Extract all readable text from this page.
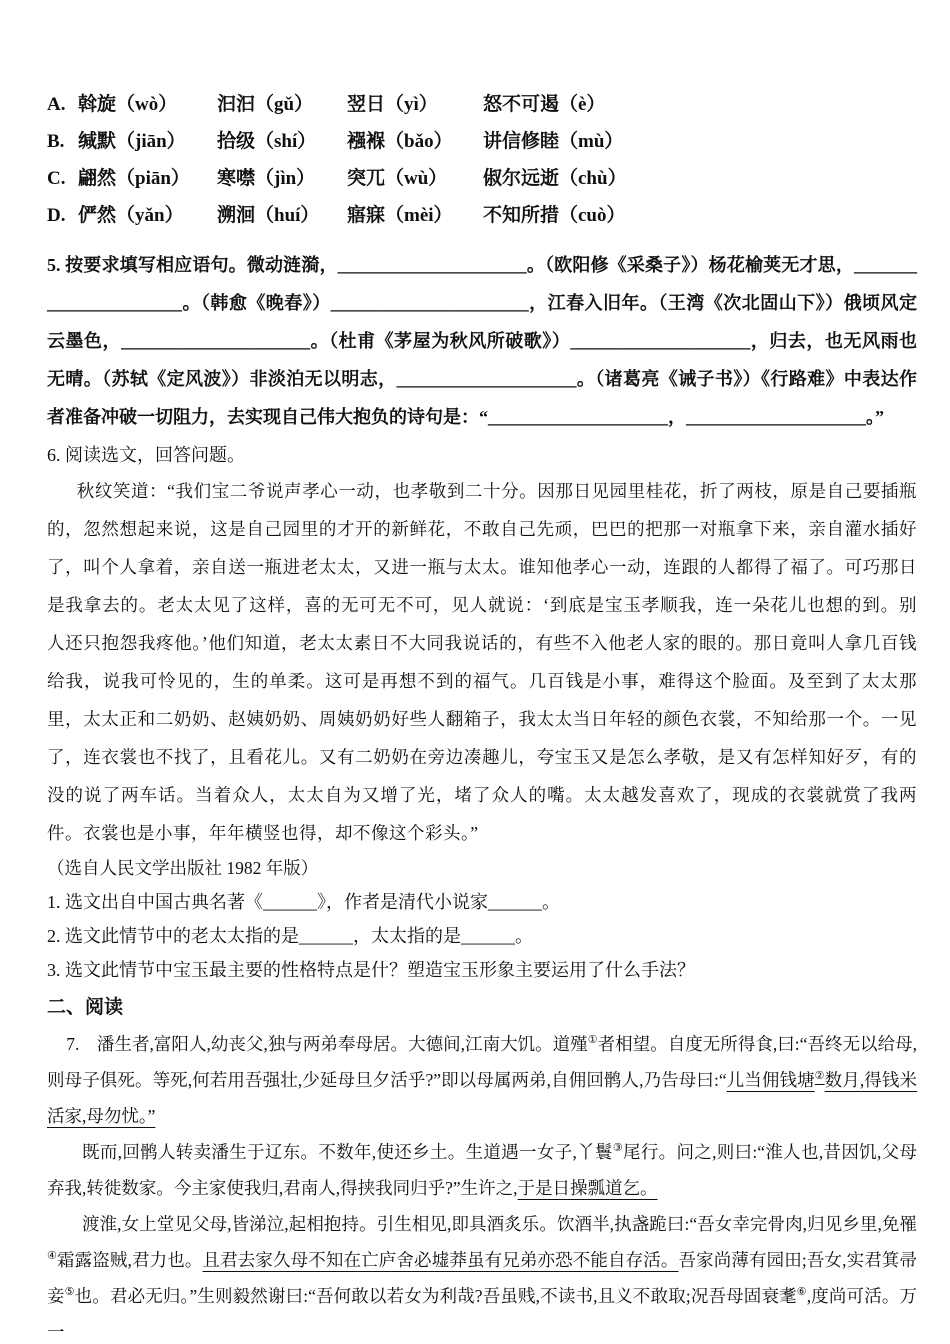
A. 斡旋（wò）	汩汩（gǔ）	翌日（yì）	怒不可遏（è）
B. 缄默（jiān）	拾级（shí）	襁褓（bǎo）	讲信修睦（mù）
C. 翩然（piān）	寒噤（jìn）	突兀（wù）	俶尔远逝（chù）
D. 俨然（yǎn）	溯洄（huí）	寤寐（mèi）	不知所措（cuò）

5. 按要求填写相应语句。微动涟漪，_____________________。（欧阳修《采桑子》）杨花榆荚无才思，______________________。（韩愈《晚春》）______________________，江春入旧年。（王湾《次北固山下》）俄顷风定云墨色，_____________________。（杜甫《茅屋为秋风所破歌》）____________________，归去，也无风雨也无晴。（苏轼《定风波》）非淡泊无以明志，____________________。（诸葛亮《诫子书》）《行路难》中表达作者准备冲破一切阻力，去实现自己伟大抱负的诗句是：“____________________，____________________。”

6. 阅读选文，回答问题。

秋纹笑道：“我们宝二爷说声孝心一动，也孝敬到二十分。因那日见园里桂花，折了两枝，原是自己要插瓶的，忽然想起来说，这是自己园里的才开的新鲜花，不敢自己先顽，巴巴的把那一对瓶拿下来，亲自灌水插好了，叫个人拿着，亲自送一瓶进老太太，又进一瓶与太太。谁知他孝心一动，连跟的人都得了福了。可巧那日是我拿去的。老太太见了这样，喜的无可无不可，见人就说：‘到底是宝玉孝顺我，连一朵花儿也想的到。别人还只抱怨我疼他。’他们知道，老太太素日不大同我说话的，有些不入他老人家的眼的。那日竟叫人拿几百钱给我，说我可怜见的，生的单柔。这可是再想不到的福气。几百钱是小事，难得这个脸面。及至到了太太那里，太太正和二奶奶、赵姨奶奶、周姨奶奶好些人翻箱子，我太太当日年轻的颜色衣裳，不知给那一个。一见了，连衣裳也不找了，且看花儿。又有二奶奶在旁边凑趣儿，夸宝玉又是怎么孝敬，是又有怎样知好歹，有的没的说了两车话。当着众人，太太自为又增了光，堵了众人的嘴。太太越发喜欢了，现成的衣裳就赏了我两件。衣裳也是小事，年年横竖也得，却不像这个彩头。”

（选自人民文学出版社 1982 年版）

1. 选文出自中国古典名著《______》，作者是清代小说家______。

2. 选文此情节中的老太太指的是______，太太指的是______。

3. 选文此情节中宝玉最主要的性格特点是什？塑造宝玉形象主要运用了什么手法？

二、阅读

7.　潘生者,富阳人,幼丧父,独与两弟奉母居。大德间,江南大饥。道殣①者相望。自度无所得食,曰:“吾终无以给母,则母子俱死。等死,何若用吾强壮,少延母旦夕活乎?”即以母属两弟,自佣回鹘人,乃告母曰:“儿当佣钱塘②数月,得钱米活家,母勿忧。”

既而,回鹘人转卖潘生于辽东。不数年,使还乡土。生道遇一女子,丫鬟③尾行。问之,则曰:“淮人也,昔因饥,父母弃我,转徙数家。今主家使我归,君南人,得挟我同归乎?”生许之,于是日操瓢道乞。

渡淮,女上堂见父母,皆涕泣,起相抱持。引生相见,即具酒炙乐。饮酒半,执盏跪曰:“吾女幸完骨肉,归见乡里,免罹④霜露盗贼,君力也。且君去家久母不知在亡庐舍必墟莽虽有兄弟亦恐不能自存活。吾家尚薄有园田;吾女,实君箕帚妾⑤也。君必无归。”生则毅然谢曰:“吾何敢以若女为利哉?吾虽贱,不读书,且义不敢取;况吾母固衰耄⑥,度尚可活。万一
